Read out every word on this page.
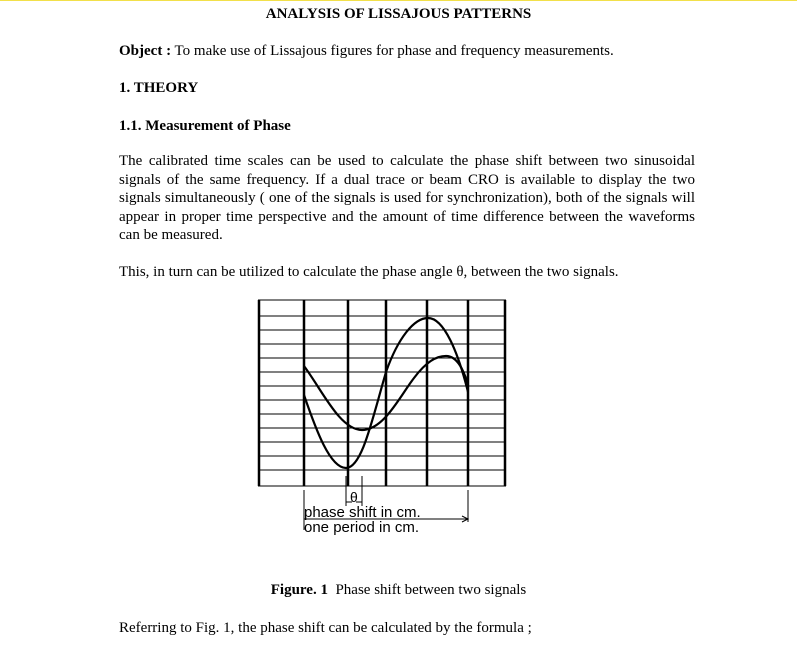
ANALYSIS OF LISSAJOUS PATTERNS
Object : To make use of Lissajous figures for phase and frequency measurements.
1. THEORY
1.1. Measurement of Phase
The calibrated time scales can be used to calculate the phase shift between two sinusoidal signals of the same frequency. If a dual trace or beam CRO is available to display the two signals simultaneously ( one of the signals is used for synchronization), both of the signals will appear in proper time perspective and the amount of time difference between the waveforms can be measured.
This, in turn can be utilized to calculate the phase angle θ, between the two signals.
θ
phase shift in cm.
one period in cm.
Figure. 1 Phase shift between two signals
Referring to Fig. 1, the phase shift can be calculated by the formula ;
